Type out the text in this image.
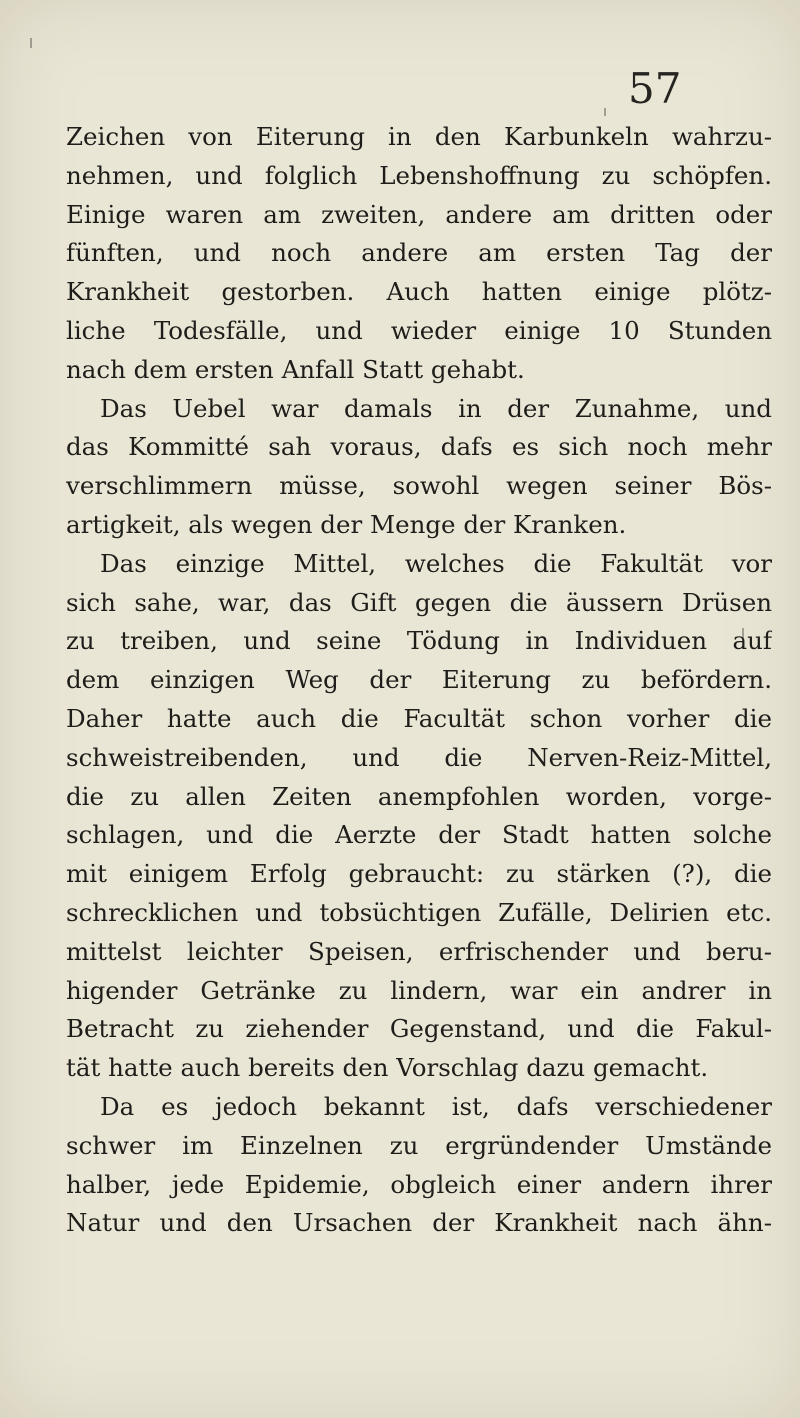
57
Zeichen von Eiterung in den Karbunkeln wahrzu-
nehmen, und folglich Lebenshoffnung zu schöpfen.
Einige waren am zweiten, andere am dritten oder
fünften, und noch andere am ersten Tag der
Krankheit gestorben. Auch hatten einige plötz-
liche Todesfälle, und wieder einige 10 Stunden
nach dem ersten Anfall Statt gehabt.
Das Uebel war damals in der Zunahme, und
das Kommitté sah voraus, dafs es sich noch mehr
verschlimmern müsse, sowohl wegen seiner Bös-
artigkeit, als wegen der Menge der Kranken.
Das einzige Mittel, welches die Fakultät vor
sich sahe, war, das Gift gegen die äussern Drüsen
zu treiben, und seine Tödung in Individuen auf
dem einzigen Weg der Eiterung zu befördern.
Daher hatte auch die Facultät schon vorher die
schweistreibenden, und die Nerven-Reiz-Mittel,
die zu allen Zeiten anempfohlen worden, vorge-
schlagen, und die Aerzte der Stadt hatten solche
mit einigem Erfolg gebraucht: zu stärken (?), die
schrecklichen und tobsüchtigen Zufälle, Delirien etc.
mittelst leichter Speisen, erfrischender und beru-
higender Getränke zu lindern, war ein andrer in
Betracht zu ziehender Gegenstand, und die Fakul-
tät hatte auch bereits den Vorschlag dazu gemacht.
Da es jedoch bekannt ist, dafs verschiedener
schwer im Einzelnen zu ergründender Umstände
halber, jede Epidemie, obgleich einer andern ihrer
Natur und den Ursachen der Krankheit nach ähn-
